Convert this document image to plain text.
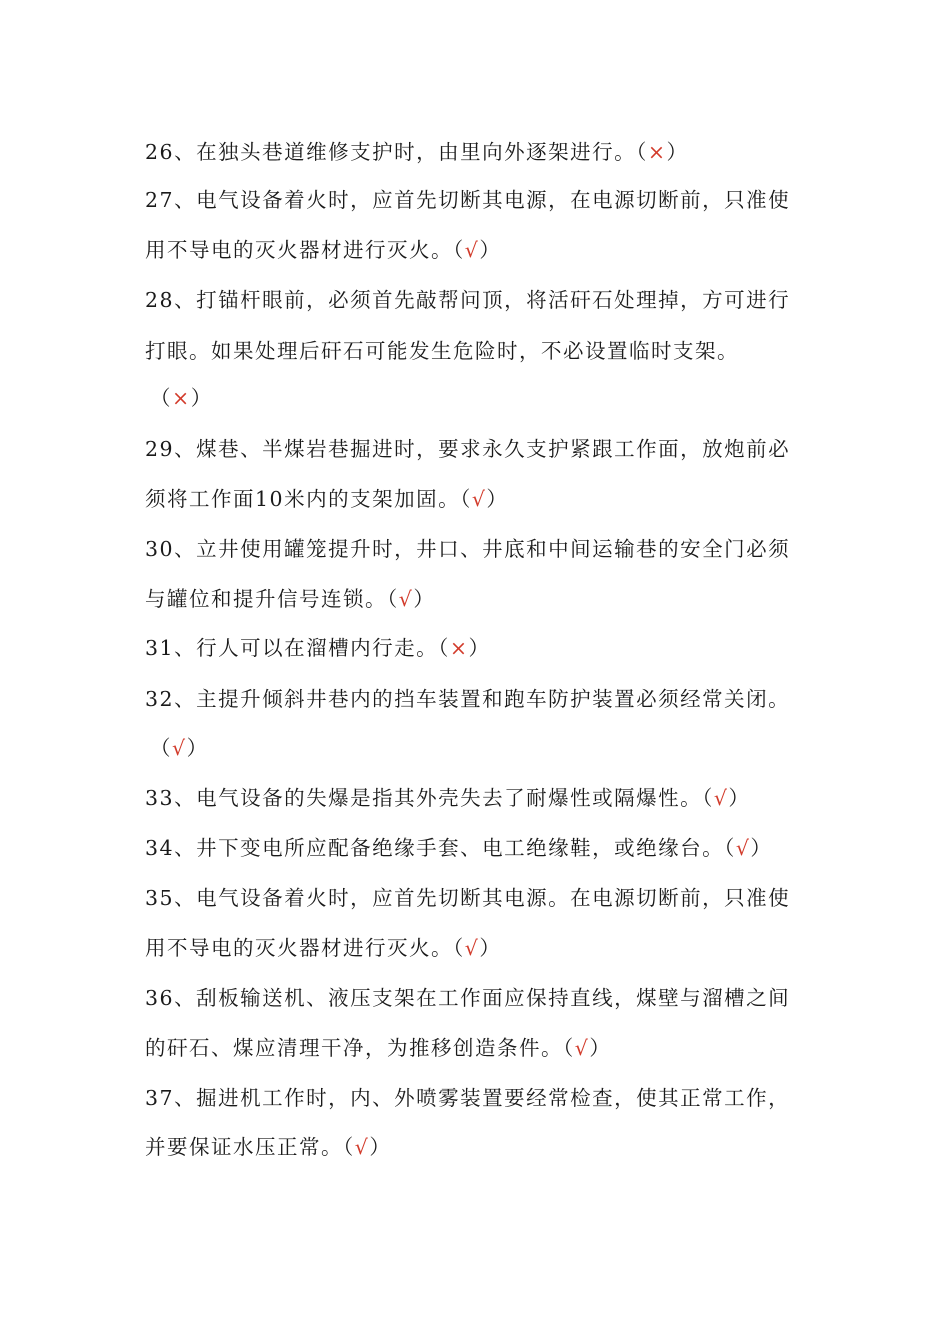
26、在独头巷道维修支护时，由里向外逐架进行。（×）
27、电气设备着火时，应首先切断其电源，在电源切断前，只准使
用不导电的灭火器材进行灭火。（√）
28、打锚杆眼前，必须首先敲帮问顶，将活矸石处理掉，方可进行
打眼。如果处理后矸石可能发生危险时，不必设置临时支架。
（×）
29、煤巷、半煤岩巷掘进时，要求永久支护紧跟工作面，放炮前必
须将工作面10米内的支架加固。（√）
30、立井使用罐笼提升时，井口、井底和中间运输巷的安全门必须
与罐位和提升信号连锁。（√）
31、行人可以在溜槽内行走。（×）
32、主提升倾斜井巷内的挡车装置和跑车防护装置必须经常关闭。
（√）
33、电气设备的失爆是指其外壳失去了耐爆性或隔爆性。（√）
34、井下变电所应配备绝缘手套、电工绝缘鞋，或绝缘台。（√）
35、电气设备着火时，应首先切断其电源。在电源切断前，只准使
用不导电的灭火器材进行灭火。（√）
36、刮板输送机、液压支架在工作面应保持直线，煤壁与溜槽之间
的矸石、煤应清理干净，为推移创造条件。（√）
37、掘进机工作时，内、外喷雾装置要经常检查，使其正常工作，
并要保证水压正常。（√）
